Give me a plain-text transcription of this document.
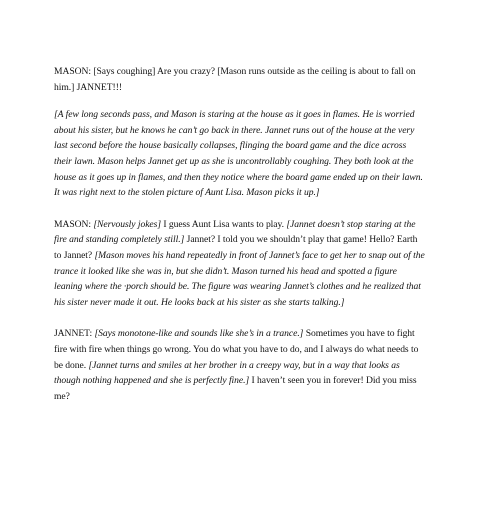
MASON: [Says coughing] Are you crazy? [Mason runs outside as the ceiling is about to fall on him.] JANNET!!!

[A few long seconds pass, and Mason is staring at the house as it goes in flames. He is worried about his sister, but he knows he can’t go back in there. Jannet runs out of the house at the very last second before the house basically collapses, flinging the board game and the dice across their lawn. Mason helps Jannet get up as she is uncontrollably coughing. They both look at the house as it goes up in flames, and then they notice where the board game ended up on their lawn. It was right next to the stolen picture of Aunt Lisa. Mason picks it up.]

MASON: [Nervously jokes] I guess Aunt Lisa wants to play. [Jannet doesn’t stop staring at the fire and standing completely still.] Jannet? I told you we shouldn’t play that game! Hello? Earth to Jannet? [Mason moves his hand repeatedly in front of Jannet’s face to get her to snap out of the trance it looked like she was in, but she didn’t. Mason turned his head and spotted a figure leaning where the ·porch should be. The figure was wearing Jannet’s clothes and he realized that his sister never made it out. He looks back at his sister as she starts talking.]

JANNET: [Says monotone-like and sounds like she’s in a trance.] Sometimes you have to fight fire with fire when things go wrong. You do what you have to do, and I always do what needs to be done. [Jannet turns and smiles at her brother in a creepy way, but in a way that looks as though nothing happened and she is perfectly fine.] I haven’t seen you in forever! Did you miss me?
